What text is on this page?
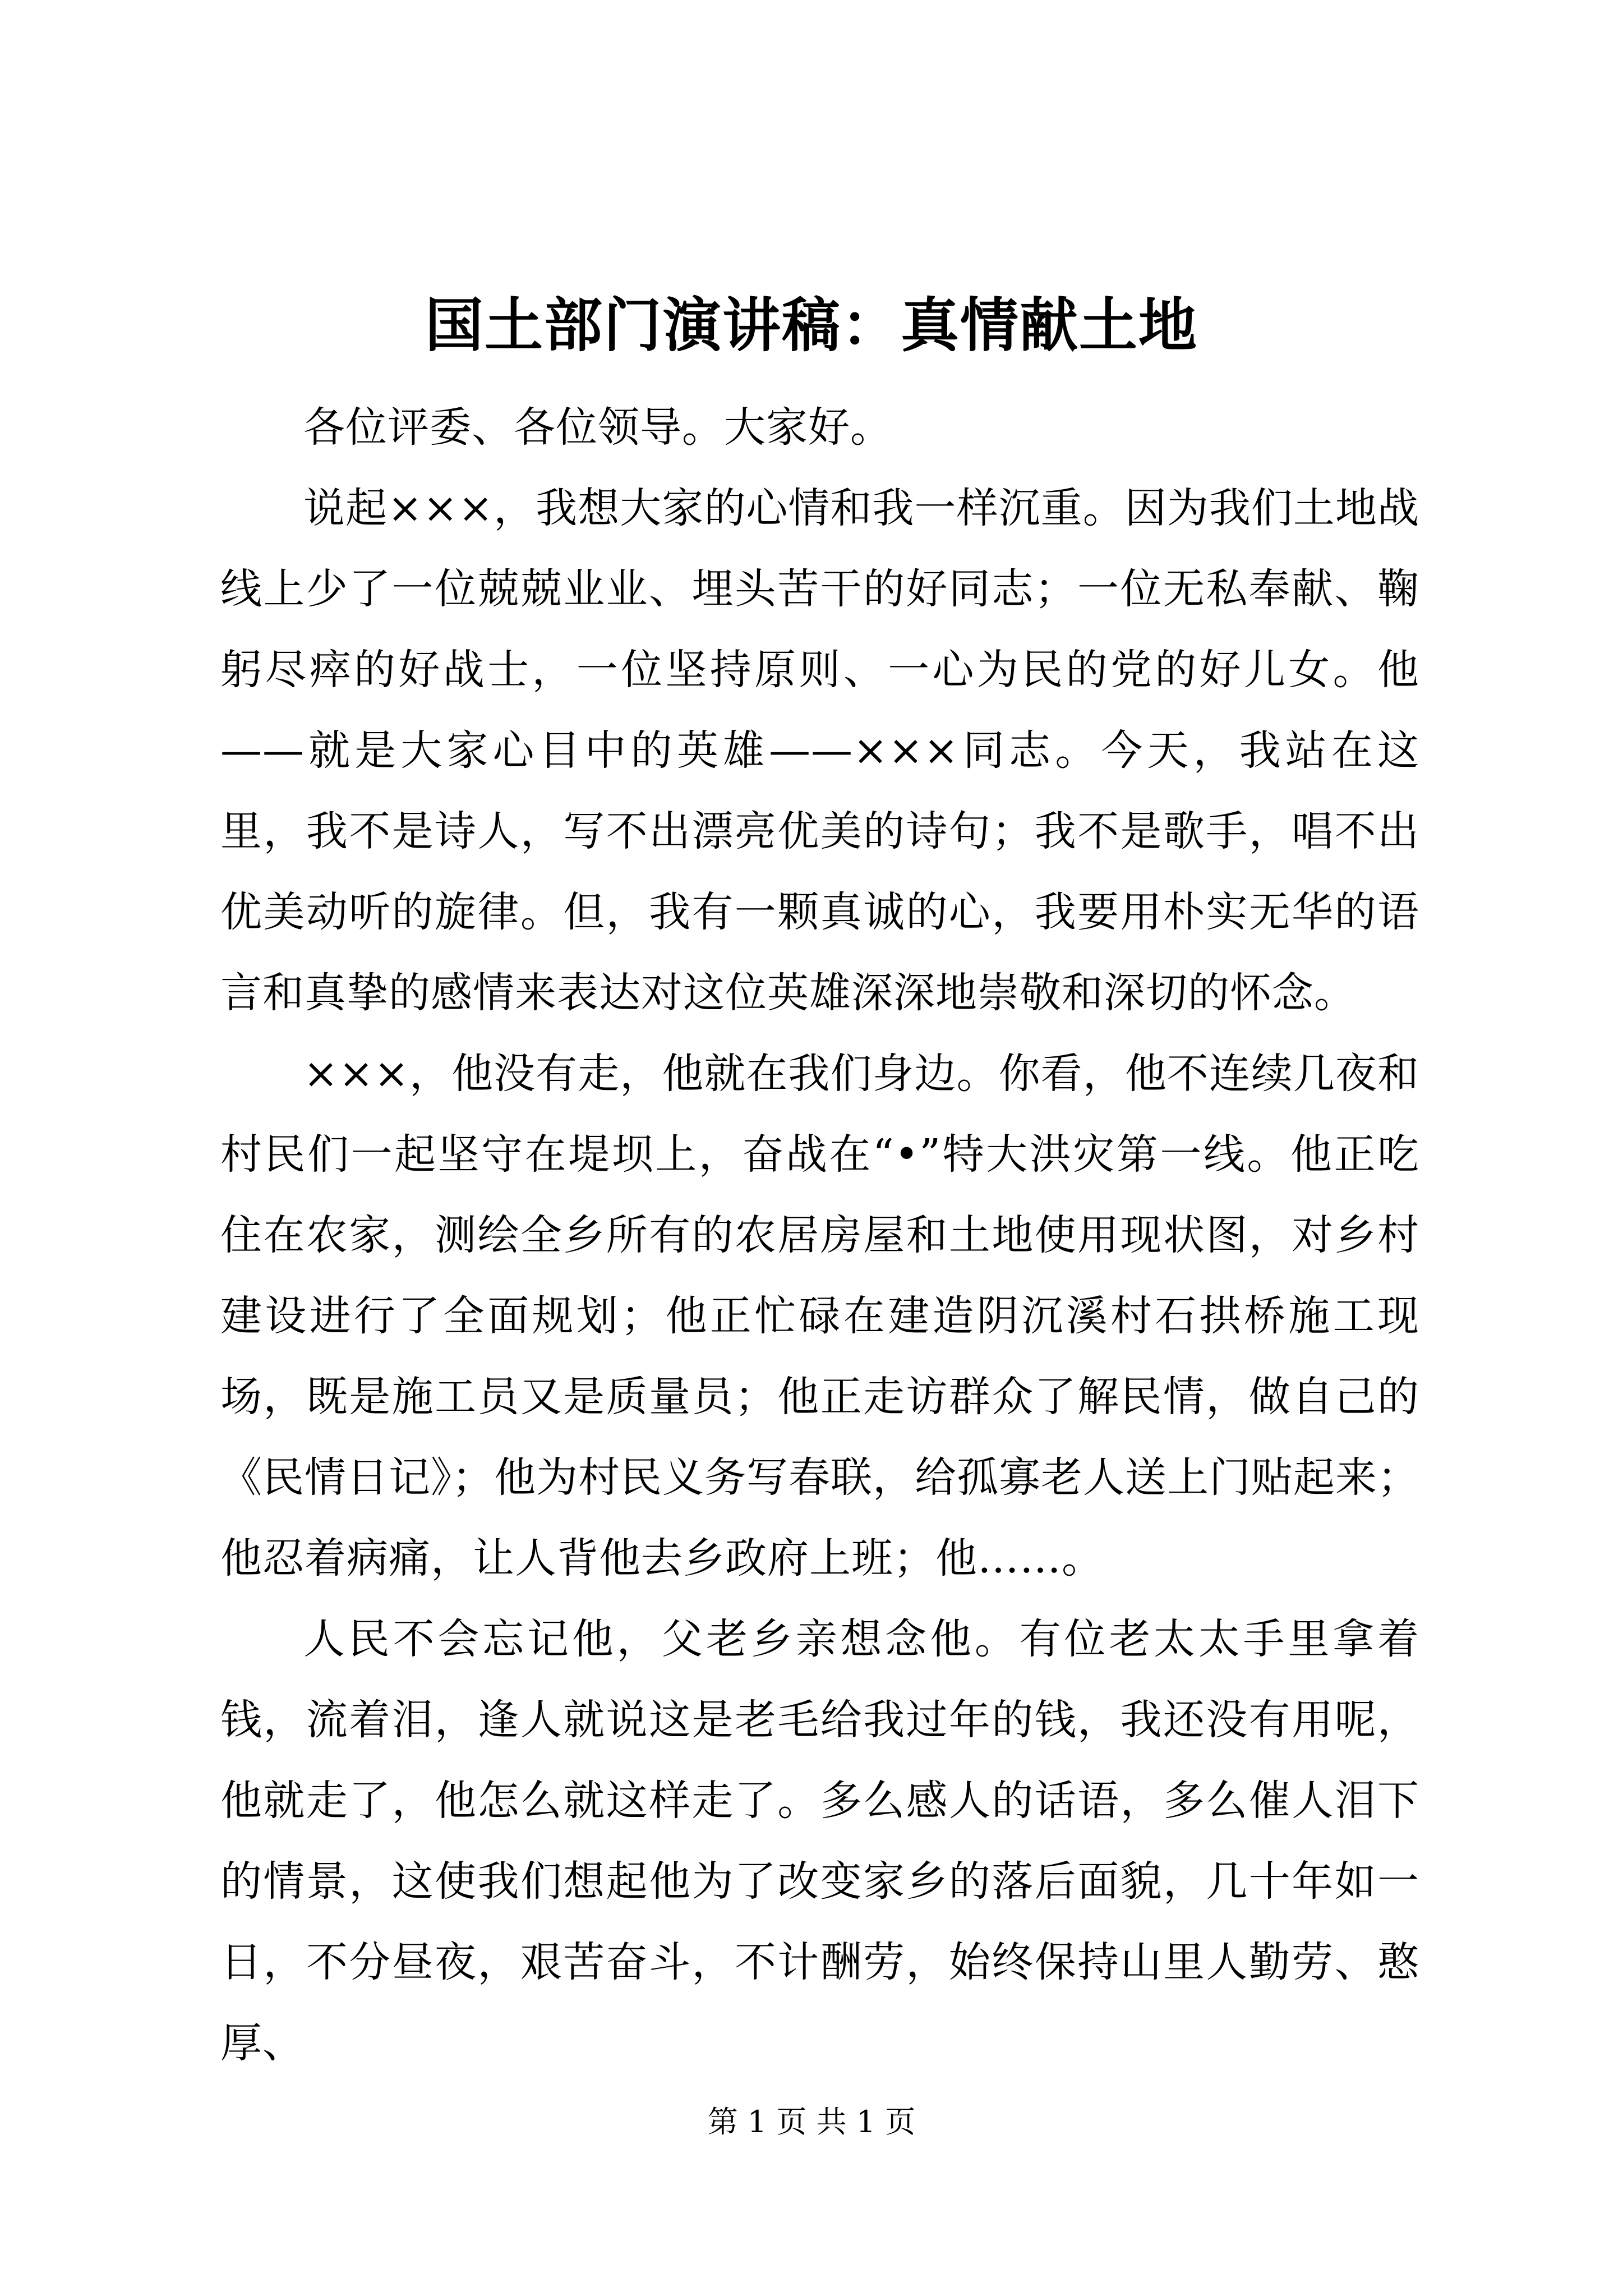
国土部门演讲稿：真情献土地

各位评委、各位领导。大家好。

说起×××，我想大家的心情和我一样沉重。因为我们土地战线上少了一位兢兢业业、埋头苦干的好同志；一位无私奉献、鞠躬尽瘁的好战士，一位坚持原则、一心为民的党的好儿女。他——就是大家心目中的英雄——×××同志。今天，我站在这里，我不是诗人，写不出漂亮优美的诗句；我不是歌手，唱不出优美动听的旋律。但，我有一颗真诚的心，我要用朴实无华的语言和真挚的感情来表达对这位英雄深深地崇敬和深切的怀念。

×××，他没有走，他就在我们身边。你看，他不连续几夜和村民们一起坚守在堤坝上，奋战在“•”特大洪灾第一线。他正吃住在农家，测绘全乡所有的农居房屋和土地使用现状图，对乡村建设进行了全面规划；他正忙碌在建造阴沉溪村石拱桥施工现场，既是施工员又是质量员；他正走访群众了解民情，做自己的《民情日记》；他为村民义务写春联，给孤寡老人送上门贴起来；他忍着病痛，让人背他去乡政府上班；他……。

人民不会忘记他，父老乡亲想念他。有位老太太手里拿着钱，流着泪，逢人就说这是老毛给我过年的钱，我还没有用呢，他就走了，他怎么就这样走了。多么感人的话语，多么催人泪下的情景，这使我们想起他为了改变家乡的落后面貌，几十年如一日，不分昼夜，艰苦奋斗，不计酬劳，始终保持山里人勤劳、憨厚、

第 1 页 共 1 页
